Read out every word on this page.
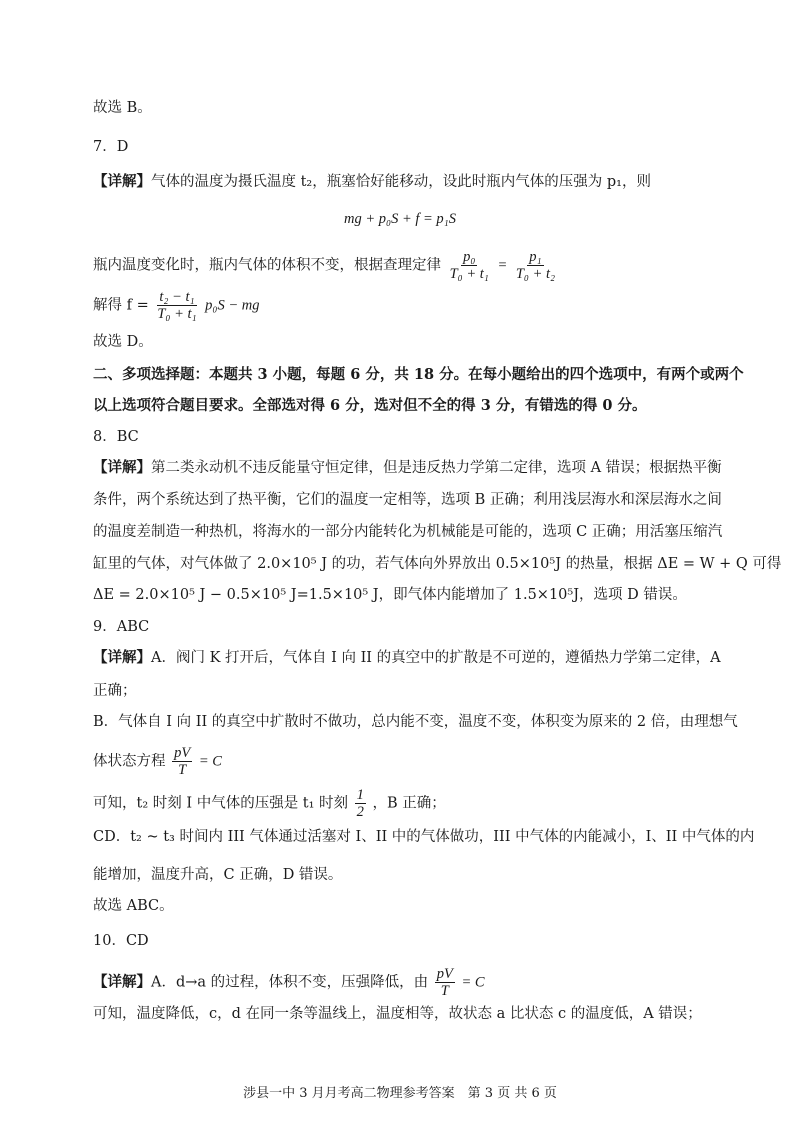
故选 B。
7．D
【详解】气体的温度为摄氏温度 t₂，瓶塞恰好能移动，设此时瓶内气体的压强为 p₁，则
mg + p₀S + f = p₁S
瓶内温度变化时，瓶内气体的体积不变，根据查理定律 $\frac{\text{p₀}}{\text{T₀ + t₁}} = \frac{\text{p₁}}{\text{T₀ + t₂}}$
解得 $f = \frac{\text{t₂ − t₁}}{\text{T₀ + t₁}} p_0S$ − mg
故选 D。
二、多项选择题：本题共 3 小题，每题 6 分，共 18 分。在每小题给出的四个选项中，有两个或两个
以上选项符合题目要求。全部选对得 6 分，选对但不全的得 3 分，有错选的得 0 分。
8．BC
【详解】第二类永动机不违反能量守恒定律，但是违反热力学第二定律，选项 A 错误；根据热平衡
条件，两个系统达到了热平衡，它们的温度一定相等，选项 B 正确；利用浅层海水和深层海水之间
的温度差制造一种热机，将海水的一部分内能转化为机械能是可能的，选项 C 正确；用活塞压缩汽
缸里的气体，对气体做了 2.0×10⁵ J 的功，若气体向外界放出 0.5×10⁵J 的热量，根据 ΔE = W + Q 可得
ΔE = 2.0×10⁵ J − 0.5×10⁵ J=1.5×10⁵ J，即气体内能增加了 1.5×10⁵J，选项 D 错误。
9．ABC
【详解】A．阀门 K 打开后，气体自 I 向 II 的真空中的扩散是不可逆的，遵循热力学第二定律，A
正确；
B．气体自 I 向 II 的真空中扩散时不做功，总内能不变，温度不变，体积变为原来的 2 倍，由理想气
体状态方程 $\frac{pV}{T} = C$
可知，t₂ 时刻 I 中气体的压强是 t₁ 时刻 $\frac{1}{2}$ ，B 正确；
CD．t₂ ~ t₃ 时间内 III 气体通过活塞对 I、II 中的气体做功，III 中气体的内能减小，I、II 中气体的内
能增加，温度升高，C 正确，D 错误。
故选 ABC。
10．CD
【详解】A．d→a 的过程，体积不变，压强降低，由 $\frac{pV}{T} = C$
可知，温度降低，c，d 在同一条等温线上，温度相等，故状态 a 比状态 c 的温度低，A 错误；
涉县一中 3 月月考高二物理参考答案　第 3 页 共 6 页
